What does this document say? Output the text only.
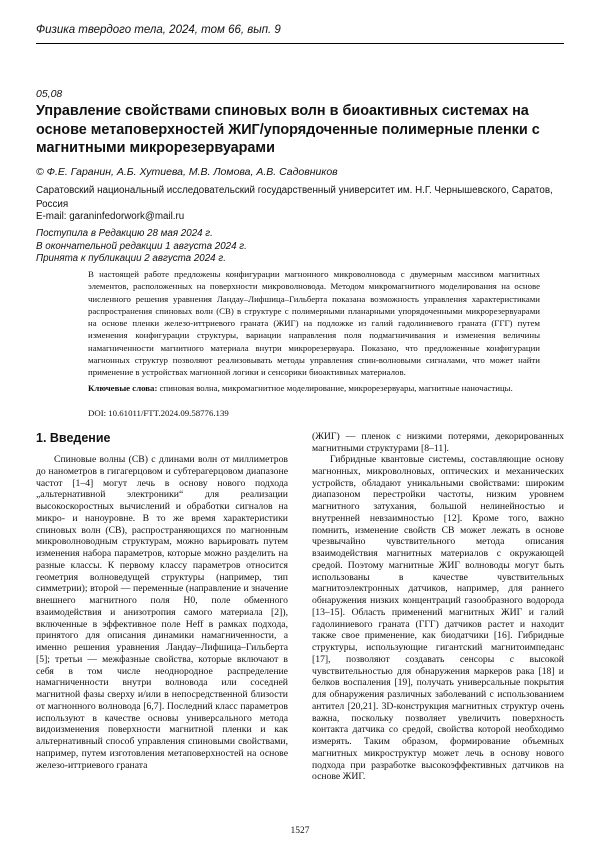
Физика твердого тела, 2024, том 66, вып. 9
05,08
Управление свойствами спиновых волн в биоактивных системах на основе метаповерхностей ЖИГ/упорядоченные полимерные пленки с магнитными микрорезервуарами
© Ф.Е. Гаранин, А.Б. Хутиева, М.В. Ломова, А.В. Садовников
Саратовский национальный исследовательский государственный университет им. Н.Г. Чернышевского, Саратов, Россия
E-mail: garaninfedorwork@mail.ru
Поступила в Редакцию 28 мая 2024 г.
В окончательной редакции 1 августа 2024 г.
Принята к публикации 2 августа 2024 г.
В настоящей работе предложены конфигурации магнонного микроволновода с двумерным массивом магнитных элементов, расположенных на поверхности микроволновода. Методом микромагнитного моделирования на основе численного решения уравнения Ландау–Лифшица–Гильберта показана возможность управления характеристиками распространения спиновых волн (СВ) в структуре с полимерными планарными упорядоченными микрорезервуарами на основе пленки железо-иттриевого граната (ЖИГ) на подложке из галий гадолиниевого граната (ГГГ) путем изменения конфигурации структуры, вариации направления поля подмагничивания и изменения величины намагниченности магнитного материала внутри микрорезервуара. Показано, что предложенные конфигурации магнонных структур позволяют реализовывать методы управления спин-волновыми сигналами, что может найти применение в устройствах магнонной логики и сенсорики биоактивных материалов.
Ключевые слова: спиновая волна, микромагнитное моделирование, микрорезервуары, магнитные наночастицы.
DOI: 10.61011/FTT.2024.09.58776.139
1. Введение
Спиновые волны (СВ) с длинами волн от миллиметров до нанометров в гигагерцовом и субтерагерцовом диапазоне частот [1–4] могут лечь в основу нового подхода „альтернативной электроники“ для реализации высокоскоростных вычислений и обработки сигналов на микро- и наноуровне. В то же время характеристики спиновых волн (СВ), распространяющихся по магнонным микроволноводным структурам, можно варьировать путем изменения набора параметров, которые можно разделить на разные классы. К первому классу параметров относится геометрия волноведущей структуры (например, тип симметрии); второй — переменные (направление и значение внешнего магнитного поля H0, поле обменного взаимодействия и анизотропия самого материала [2]), включенные в эффективное поле Heff в рамках подхода, принятого для описания динамики намагниченности, а именно решения уравнения Ландау–Лифшица–Гильберта [5]; третьи — межфазные свойства, которые включают в себя в том числе неоднородное распределение намагниченности внутри волновода или соседней магнитной фазы сверху и/или в непосредственной близости от магнонного волновода [6,7]. Последний класс параметров используют в качестве основы универсального метода видоизменения поверхности магнитной пленки и как альтернативный способ управления спиновыми свойствами, например, путем изготовления метаповерхностей на основе железо-иттриевого граната
(ЖИГ) — пленок с низкими потерями, декорированных магнитными структурами [8–11].
Гибридные квантовые системы, составляющие основу магнонных, микроволновых, оптических и механических устройств, обладают уникальными свойствами: широким диапазоном перестройки частоты, низким уровнем магнитного затухания, большой нелинейностью и внутренней невзаимностью [12]. Кроме того, важно помнить, изменение свойств СВ может лежать в основе чрезвычайно чувствительного метода описания взаимодействия магнитных материалов с окружающей средой. Поэтому магнитные ЖИГ волноводы могут быть использованы в качестве чувствительных магнитоэлектронных датчиков, например, для раннего обнаружения низких концентраций газообразного водорода [13–15]. Область применений магнитных ЖИГ и галий гадолиниевого граната (ГГГ) датчиков растет и находит также свое применение, как биодатчики [16]. Гибридные структуры, использующие гигантский магнитоимпеданс [17], позволяют создавать сенсоры с высокой чувствительностью для обнаружения маркеров рака [18] и белков воспаления [19], получать универсальные покрытия для обнаружения различных заболеваний с использованием антител [20,21]. 3D-конструкция магнитных структур очень важна, поскольку позволяет увеличить поверхность контакта датчика со средой, свойства которой необходимо измерять. Таким образом, формирование объемных магнитных микроструктур может лечь в основу нового подхода при разработке высокоэффективных датчиков на основе ЖИГ.
1527
